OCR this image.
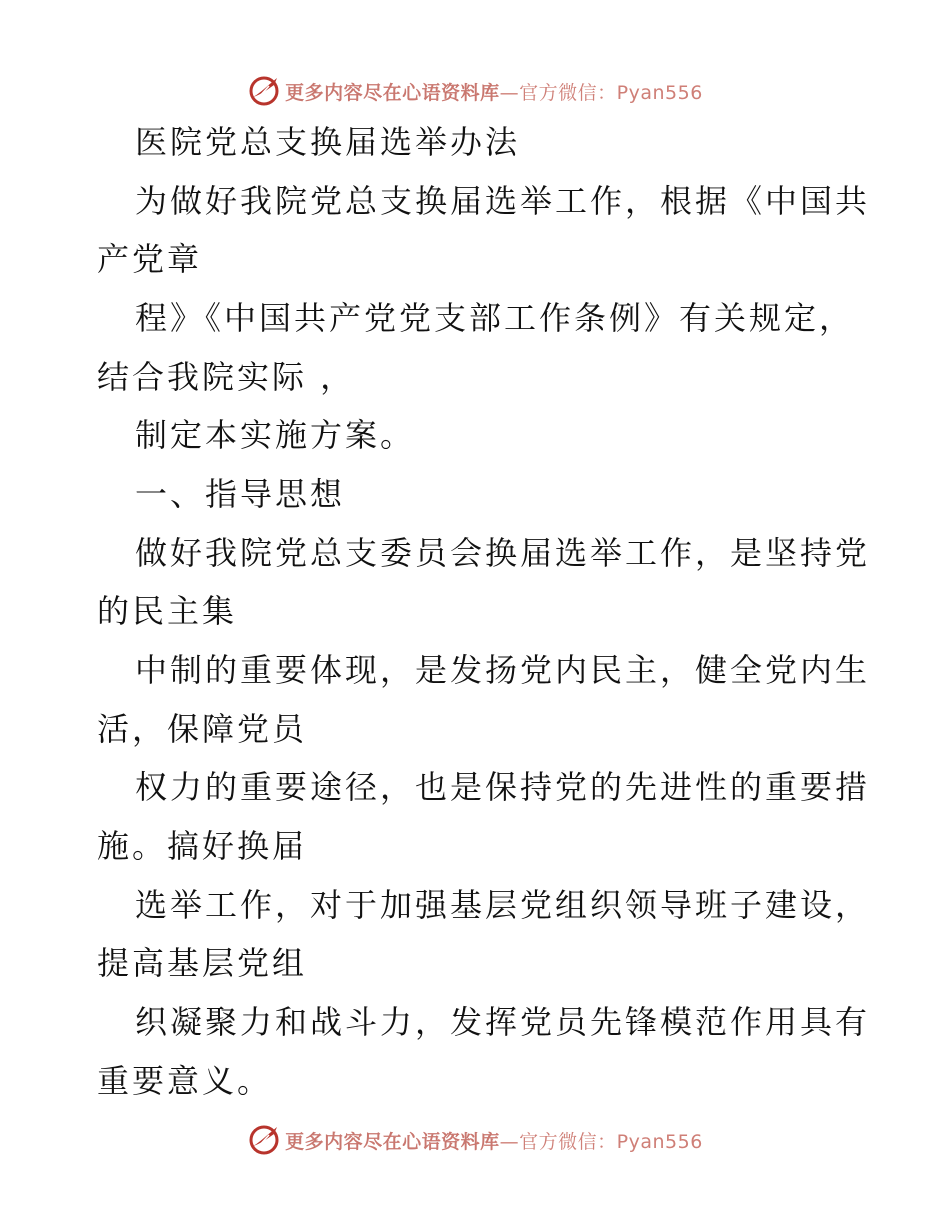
更多内容尽在心语资料库—官方微信：Pyan556
医院党总支换届选举办法
为做好我院党总支换届选举工作，根据《中国共
产党章
程》《中国共产党党支部工作条例》有关规定，
结合我院实际 ，
制定本实施方案。
一、指导思想
做好我院党总支委员会换届选举工作，是坚持党
的民主集
中制的重要体现，是发扬党内民主，健全党内生
活，保障党员
权力的重要途径，也是保持党的先进性的重要措
施。搞好换届
选举工作，对于加强基层党组织领导班子建设，
提高基层党组
织凝聚力和战斗力，发挥党员先锋模范作用具有
重要意义。
更多内容尽在心语资料库—官方微信：Pyan556
